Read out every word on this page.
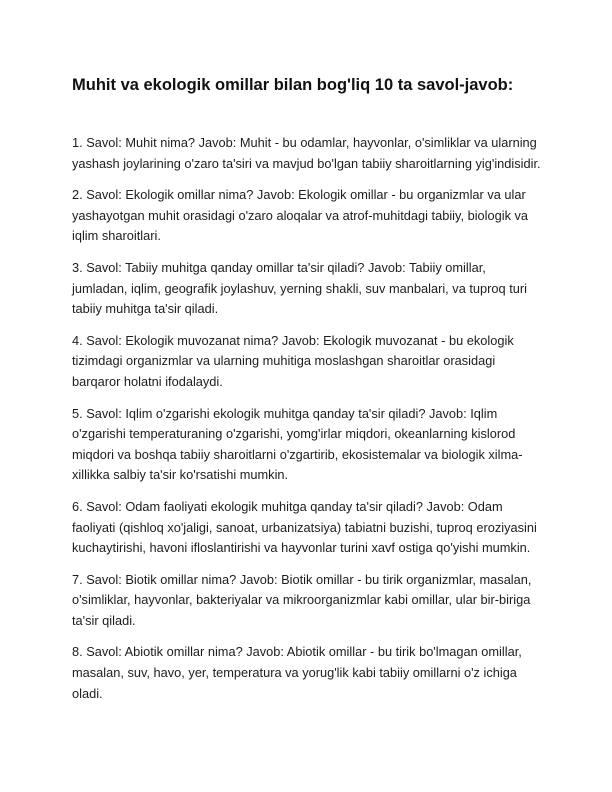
Muhit va ekologik omillar bilan bog'liq 10 ta savol-javob:

1. Savol: Muhit nima? Javob: Muhit - bu odamlar, hayvonlar, o'simliklar va ularning yashash joylarining o'zaro ta'siri va mavjud bo'lgan tabiiy sharoitlarning yig'indisidir.

2. Savol: Ekologik omillar nima? Javob: Ekologik omillar - bu organizmlar va ular yashayotgan muhit orasidagi o'zaro aloqalar va atrof-muhitdagi tabiiy, biologik va iqlim sharoitlari.

3. Savol: Tabiiy muhitga qanday omillar ta'sir qiladi? Javob: Tabiiy omillar, jumladan, iqlim, geografik joylashuv, yerning shakli, suv manbalari, va tuproq turi tabiiy muhitga ta'sir qiladi.

4. Savol: Ekologik muvozanat nima? Javob: Ekologik muvozanat - bu ekologik tizimdagi organizmlar va ularning muhitiga moslashgan sharoitlar orasidagi barqaror holatni ifodalaydi.

5. Savol: Iqlim o'zgarishi ekologik muhitga qanday ta'sir qiladi? Javob: Iqlim o'zgarishi temperaturaning o'zgarishi, yomg'irlar miqdori, okeanlarning kislorod miqdori va boshqa tabiiy sharoitlarni o'zgartirib, ekosistemalar va biologik xilma-xillikka salbiy ta'sir ko'rsatishi mumkin.

6. Savol: Odam faoliyati ekologik muhitga qanday ta'sir qiladi? Javob: Odam faoliyati (qishloq xo'jaligi, sanoat, urbanizatsiya) tabiatni buzishi, tuproq eroziyasini kuchaytirishi, havoni ifloslantirishi va hayvonlar turini xavf ostiga qo'yishi mumkin.

7. Savol: Biotik omillar nima? Javob: Biotik omillar - bu tirik organizmlar, masalan, o'simliklar, hayvonlar, bakteriyalar va mikroorganizmlar kabi omillar, ular bir-biriga ta'sir qiladi.

8. Savol: Abiotik omillar nima? Javob: Abiotik omillar - bu tirik bo'lmagan omillar, masalan, suv, havo, yer, temperatura va yorug'lik kabi tabiiy omillarni o'z ichiga oladi.
